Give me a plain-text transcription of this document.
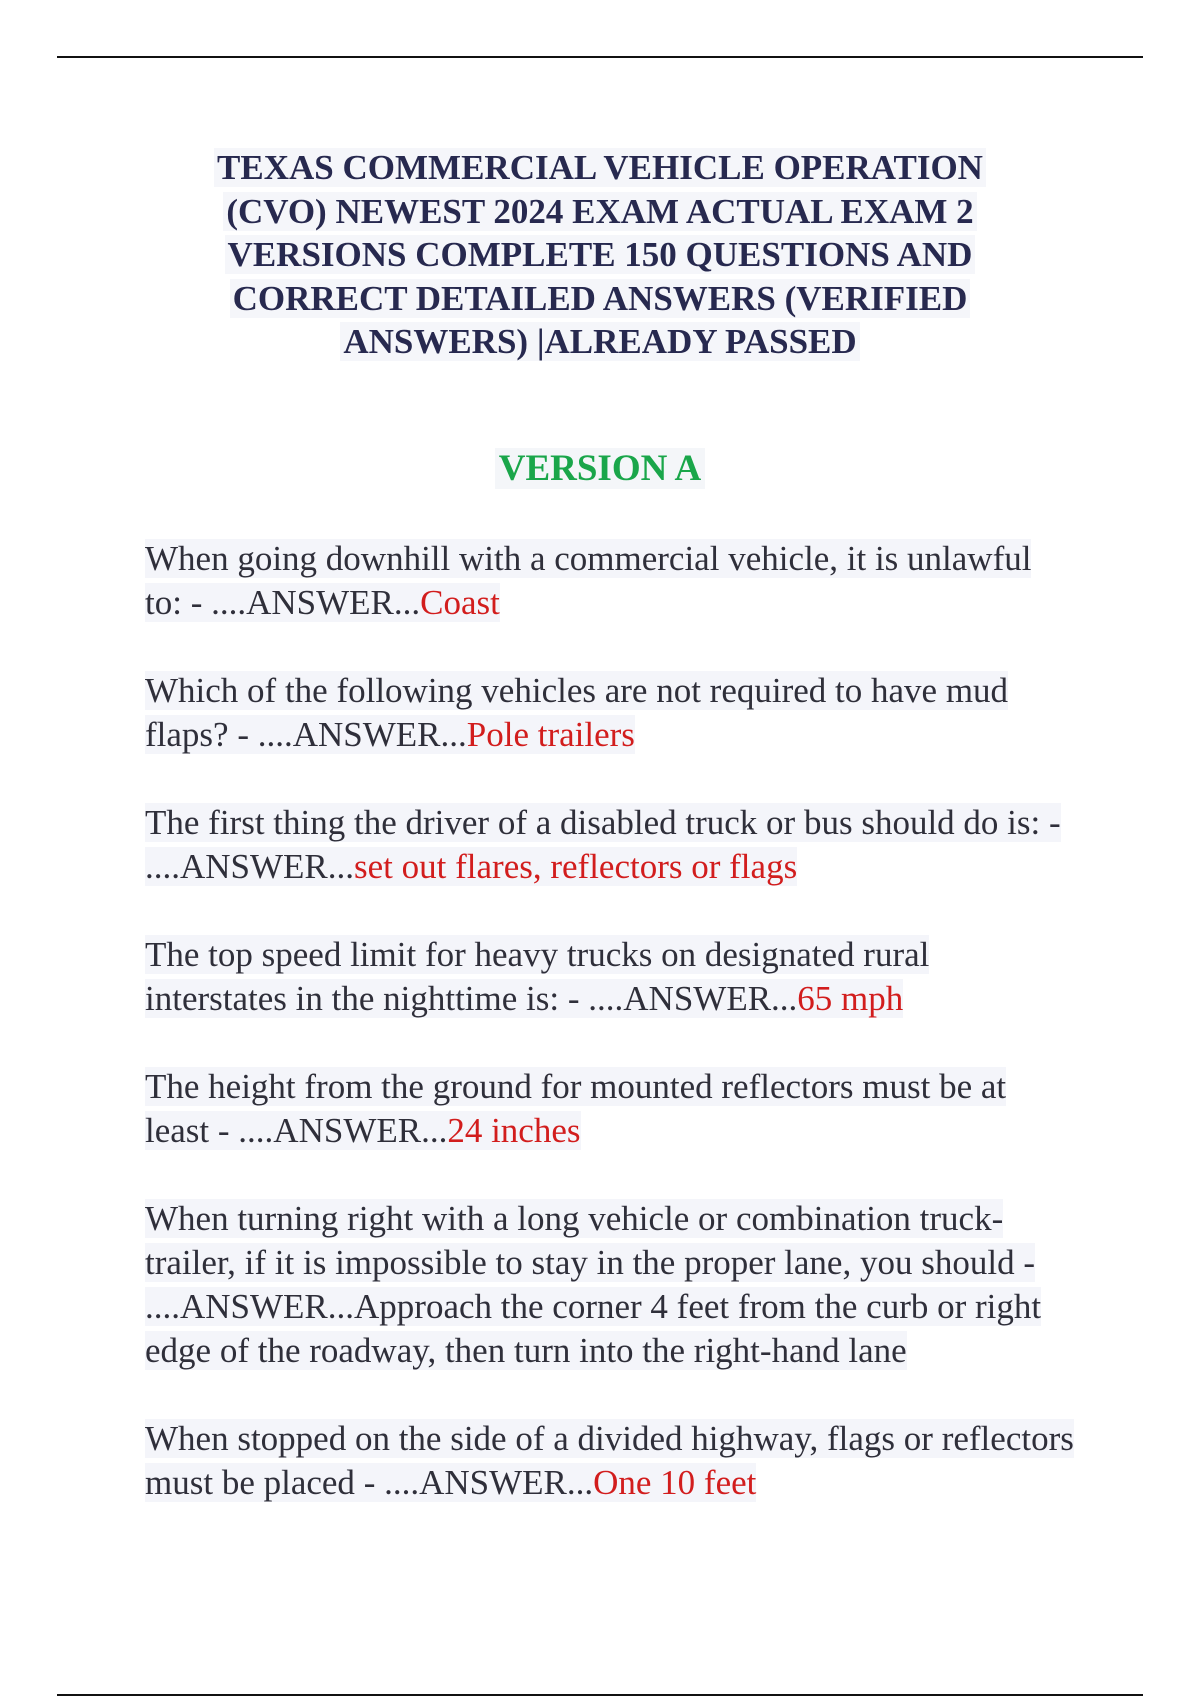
TEXAS COMMERCIAL VEHICLE OPERATION
(CVO) NEWEST 2024 EXAM ACTUAL EXAM 2
VERSIONS COMPLETE 150 QUESTIONS AND
CORRECT DETAILED ANSWERS (VERIFIED
ANSWERS) |ALREADY PASSED
VERSION A
When going downhill with a commercial vehicle, it is unlawful to: - ....ANSWER...Coast
Which of the following vehicles are not required to have mud flaps? - ....ANSWER...Pole trailers
The first thing the driver of a disabled truck or bus should do is: - ....ANSWER...set out flares, reflectors or flags
The top speed limit for heavy trucks on designated rural interstates in the nighttime is: - ....ANSWER...65 mph
The height from the ground for mounted reflectors must be at least - ....ANSWER...24 inches
When turning right with a long vehicle or combination truck-trailer, if it is impossible to stay in the proper lane, you should - ....ANSWER...Approach the corner 4 feet from the curb or right edge of the roadway, then turn into the right-hand lane
When stopped on the side of a divided highway, flags or reflectors must be placed - ....ANSWER...One 10 feet
